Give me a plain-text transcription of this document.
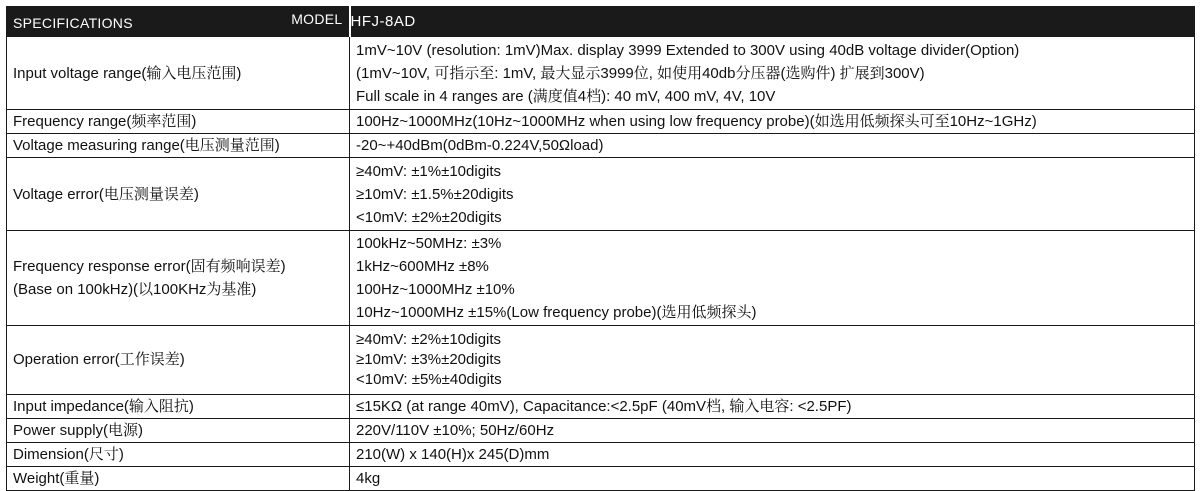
SPECIFICATIONS MODEL	HFJ-8AD

Input voltage range(输入电压范围)	1mV~10V (resolution: 1mV)Max. display 3999 Extended to 300V using 40dB voltage divider(Option)
(1mV~10V, 可指示至: 1mV, 最大显示3999位, 如使用40db分压器(选购件) 扩展到300V)
Full scale in 4 ranges are (满度值4档): 40 mV, 400 mV, 4V, 10V

Frequency range(频率范围)	100Hz~1000MHz(10Hz~1000MHz when using low frequency probe)(如选用低频探头可至10Hz~1GHz)

Voltage measuring range(电压测量范围)	-20~+40dBm(0dBm-0.224V,50Ωload)

Voltage error(电压测量误差)	≥40mV: ±1%±10digits
≥10mV: ±1.5%±20digits
<10mV: ±2%±20digits

Frequency response error(固有频响误差)
(Base on 100kHz)(以100KHz为基准)	100kHz~50MHz: ±3%
1kHz~600MHz ±8%
100Hz~1000MHz ±10%
10Hz~1000MHz ±15%(Low frequency probe)(选用低频探头)

Operation error(工作误差)	≥40mV: ±2%±10digits
≥10mV: ±3%±20digits
<10mV: ±5%±40digits

Input impedance(输入阻抗)	≤15KΩ (at range 40mV), Capacitance:<2.5pF (40mV档, 输入电容: <2.5PF)

Power supply(电源)	220V/110V ±10%; 50Hz/60Hz

Dimension(尺寸)	210(W) x 140(H)x 245(D)mm

Weight(重量)	4kg
